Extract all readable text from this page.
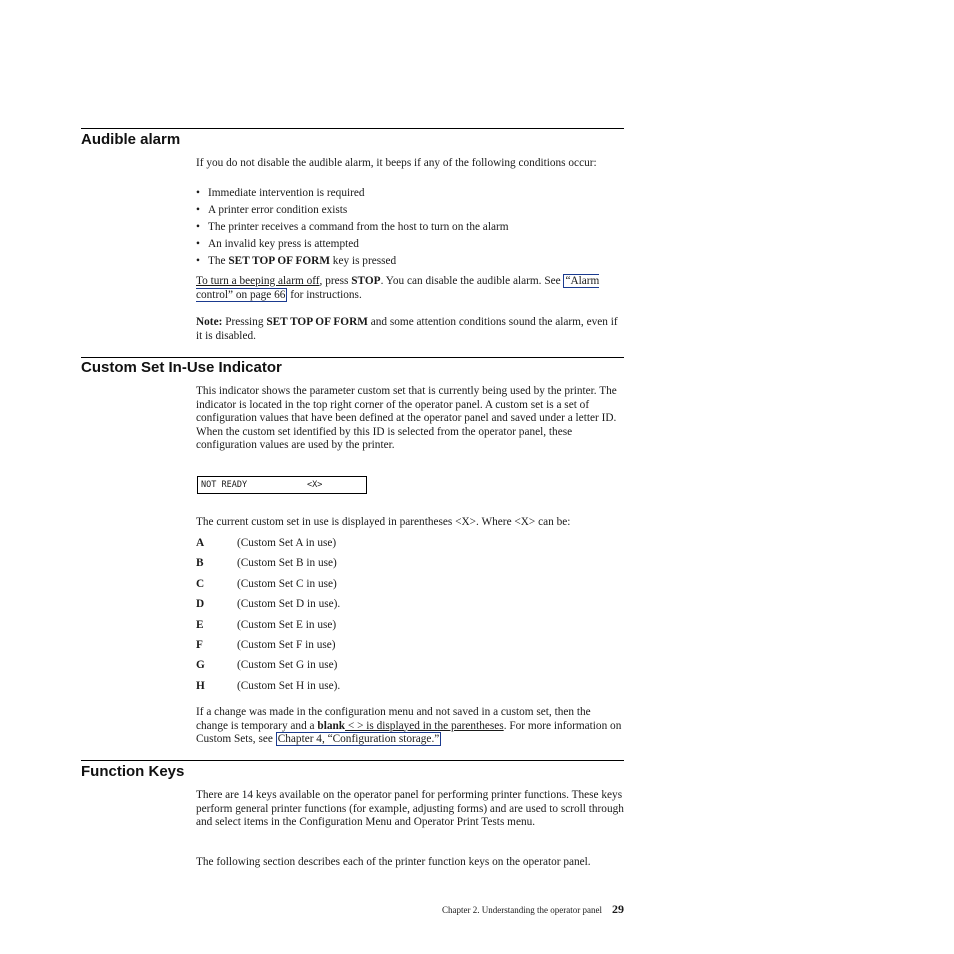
Audible alarm

If you do not disable the audible alarm, it beeps if any of the following conditions occur:

• Immediate intervention is required
• A printer error condition exists
• The printer receives a command from the host to turn on the alarm
• An invalid key press is attempted
• The SET TOP OF FORM key is pressed

To turn a beeping alarm off, press STOP. You can disable the audible alarm. See “Alarm control” on page 66 for instructions.

Note: Pressing SET TOP OF FORM and some attention conditions sound the alarm, even if it is disabled.
Custom Set In-Use Indicator

This indicator shows the parameter custom set that is currently being used by the printer. The indicator is located in the top right corner of the operator panel. A custom set is a set of configuration values that have been defined at the operator panel and saved under a letter ID. When the custom set identified by this ID is selected from the operator panel, these configuration values are used by the printer.

NOT READY	<X>

The current custom set in use is displayed in parentheses <X>. Where <X> can be:

A	(Custom Set A in use)
B	(Custom Set B in use)
C	(Custom Set C in use)
D	(Custom Set D in use).
E	(Custom Set E in use)
F	(Custom Set F in use)
G	(Custom Set G in use)
H	(Custom Set H in use).

If a change was made in the configuration menu and not saved in a custom set, then the change is temporary and a blank < > is displayed in the parentheses. For more information on Custom Sets, see Chapter 4, “Configuration storage.”

Function Keys

There are 14 keys available on the operator panel for performing printer functions. These keys perform general printer functions (for example, adjusting forms) and are used to scroll through and select items in the Configuration Menu and Operator Print Tests menu.

The following section describes each of the printer function keys on the operator panel.

Chapter 2. Understanding the operator panel 29
